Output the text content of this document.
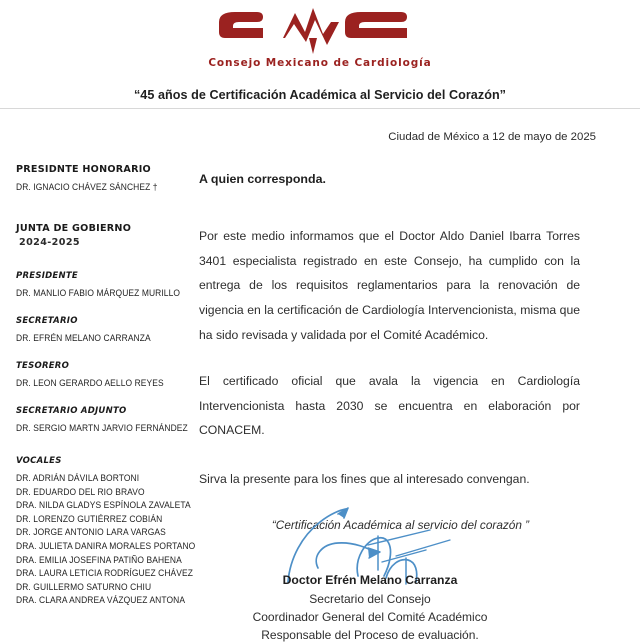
Consejo Mexicano de Cardiología
“45 años de Certificación Académica al Servicio del Corazón”
Ciudad de México a 12 de mayo de 2025
PRESIDNTE HONORARIO
DR. IGNACIO CHÁVEZ SÁNCHEZ †
JUNTA DE GOBIERNO
2024-2025
PRESIDENTE
DR. MANLIO FABIO MÁRQUEZ MURILLO
SECRETARIO
DR. EFRÉN MELANO CARRANZA
TESORERO
DR. LEON GERARDO AELLO REYES
SECRETARIO ADJUNTO
DR. SERGIO MARTN JARVIO FERNÁNDEZ
VOCALES
DR. ADRIÁN DÁVILA BORTONI
DR. EDUARDO DEL RIO BRAVO
DRA. NILDA GLADYS ESPÍNOLA ZAVALETA
DR. LORENZO GUTIÉRREZ COBIÁN
DR. JORGE ANTONIO LARA VARGAS
DRA. JULIETA DANIRA MORALES PORTANO
DRA. EMILIA JOSEFINA PATIÑO BAHENA
DRA. LAURA LETICIA RODRÍGUEZ CHÁVEZ
DR. GUILLERMO SATURNO CHIU
DRA. CLARA ANDREA VÁZQUEZ ANTONA
A quien corresponda.

Por este medio informamos que el Doctor Aldo Daniel Ibarra Torres 3401 especialista registrado en este Consejo, ha cumplido con la entrega de los requisitos reglamentarios para la renovación de vigencia en la certificación de Cardiología Intervencionista, misma que ha sido revisada y validada por el Comité Académico.

El certificado oficial que avala la vigencia en Cardiología Intervencionista hasta 2030 se encuentra en elaboración por CONACEM.

Sirva la presente para los fines que al interesado convengan.

“Certificación Académica al servicio del corazón ”
Doctor Efrén Melano Carranza
Secretario del Consejo
Coordinador General del Comité Académico
Responsable del Proceso de evaluación.
